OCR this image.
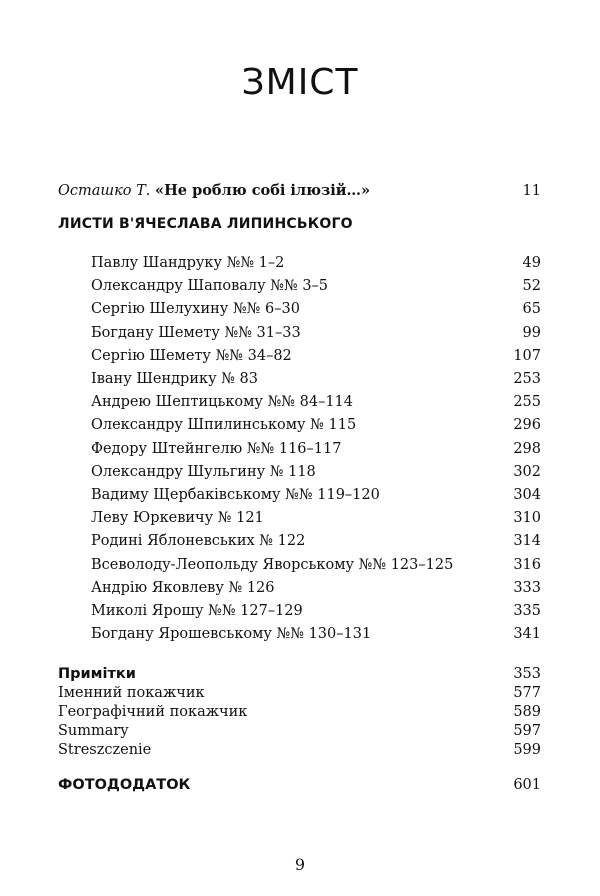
ЗМІСТ
Осташко Т. «Не роблю собі ілюзій…»	11
ЛИСТИ В'ЯЧЕСЛАВА ЛИПИНСЬКОГО
Павлу Шандруку №№ 1–2	49
Олександру Шаповалу №№ 3–5	52
Сергію Шелухину №№ 6–30	65
Богдану Шемету №№ 31–33	99
Сергію Шемету №№ 34–82	107
Івану Шендрику № 83	253
Андрею Шептицькому №№ 84–114	255
Олександру Шпилинському № 115	296
Федору Штейнгелю №№ 116–117	298
Олександру Шульгину № 118	302
Вадиму Щербаківському №№ 119–120	304
Леву Юркевичу № 121	310
Родині Яблоневських № 122	314
Всеволоду-Леопольду Яворському №№ 123–125	316
Андрію Яковлеву № 126	333
Миколі Ярошу №№ 127–129	335
Богдану Ярошевському №№ 130–131	341
Примітки	353
Іменний покажчик	577
Географічний покажчик	589
Summary	597
Streszczenie	599
ФОТОДОДАТОК	601
9
